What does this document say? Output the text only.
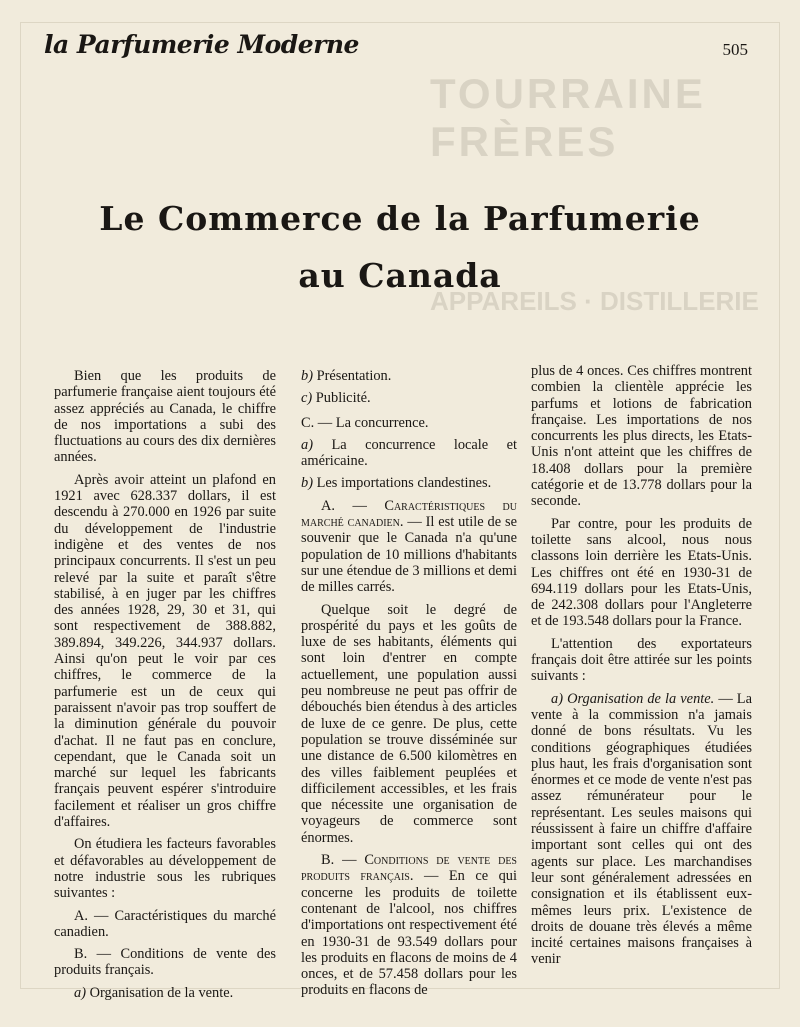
TOURRAINE FRÈRES
APPAREILS · DISTILLERIE
la Parfumerie Moderne	505
Le Commerce de la Parfumerie
au Canada

Bien que les produits de parfumerie française aient toujours été assez appréciés au Canada, le chiffre de nos importations a subi des fluctuations au cours des dix dernières années.

Après avoir atteint un plafond en 1921 avec 628.337 dollars, il est descendu à 270.000 en 1926 par suite du développement de l'industrie indigène et des ventes de nos principaux concurrents. Il s'est un peu relevé par la suite et paraît s'être stabilisé, à en juger par les chiffres des années 1928, 29, 30 et 31, qui sont respectivement de 388.882, 389.894, 349.226, 344.937 dollars. Ainsi qu'on peut le voir par ces chiffres, le commerce de la parfumerie est un de ceux qui paraissent n'avoir pas trop souffert de la diminution générale du pouvoir d'achat. Il ne faut pas en conclure, cependant, que le Canada soit un marché sur lequel les fabricants français peuvent espérer s'introduire facilement et réaliser un gros chiffre d'affaires.

On étudiera les facteurs favorables et défavorables au développement de notre industrie sous les rubriques suivantes :

A. — Caractéristiques du marché canadien.

B. — Conditions de vente des produits français.

a) Organisation de la vente.

b) Présentation.

c) Publicité.

C. — La concurrence.

a) La concurrence locale et américaine.

b) Les importations clandestines.

A. — Caractéristiques du marché canadien. — Il est utile de se souvenir que le Canada n'a qu'une population de 10 millions d'habitants sur une étendue de 3 millions et demi de milles carrés.

Quelque soit le degré de prospérité du pays et les goûts de luxe de ses habitants, éléments qui sont loin d'entrer en compte actuellement, une population aussi peu nombreuse ne peut pas offrir de débouchés bien étendus à des articles de luxe de ce genre. De plus, cette population se trouve disséminée sur une distance de 6.500 kilomètres en des villes faiblement peuplées et difficilement accessibles, et les frais que nécessite une organisation de voyageurs de commerce sont énormes.

B. — Conditions de vente des produits français. — En ce qui concerne les produits de toilette contenant de l'alcool, nos chiffres d'importations ont respectivement été en 1930-31 de 93.549 dollars pour les produits en flacons de moins de 4 onces, et de 57.458 dollars pour les produits en flacons de

plus de 4 onces. Ces chiffres montrent combien la clientèle apprécie les parfums et lotions de fabrication française. Les importations de nos concurrents les plus directs, les Etats-Unis n'ont atteint que les chiffres de 18.408 dollars pour la première catégorie et de 13.778 dollars pour la seconde.

Par contre, pour les produits de toilette sans alcool, nous nous classons loin derrière les Etats-Unis. Les chiffres ont été en 1930-31 de 694.119 dollars pour les Etats-Unis, de 242.308 dollars pour l'Angleterre et de 193.548 dollars pour la France.

L'attention des exportateurs français doit être attirée sur les points suivants :

a) Organisation de la vente. — La vente à la commission n'a jamais donné de bons résultats. Vu les conditions géographiques étudiées plus haut, les frais d'organisation sont énormes et ce mode de vente n'est pas assez rémunérateur pour le représentant. Les seules maisons qui réussissent à faire un chiffre d'affaire important sont celles qui ont des agents sur place. Les marchandises leur sont généralement adressées en consignation et ils établissent eux-mêmes leurs prix. L'existence de droits de douane très élevés a même incité certaines maisons françaises à venir
